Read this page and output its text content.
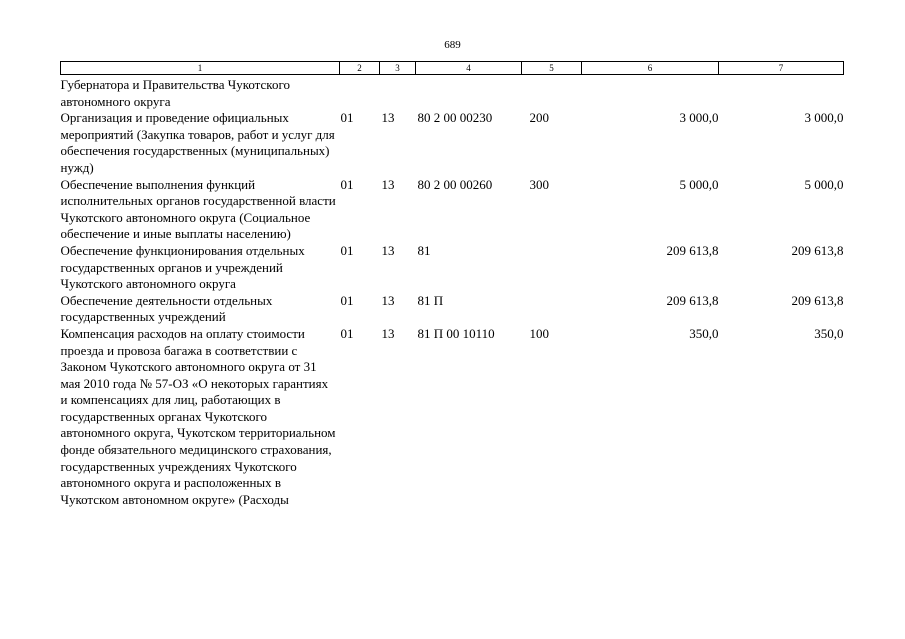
689
1	2	3	4	5	6	7
Губернатора и Правительства Чукотского автономного округа						
Организация и проведение официальных мероприятий (Закупка товаров, работ и услуг для обеспечения государственных (муниципальных) нужд)	01	13	80 2 00 00230	200	3 000,0	3 000,0
Обеспечение выполнения функций исполнительных органов государственной власти Чукотского автономного округа (Социальное обеспечение и иные выплаты населению)	01	13	80 2 00 00260	300	5 000,0	5 000,0
Обеспечение функционирования отдельных государственных органов и учреждений Чукотского автономного округа	01	13	81		209 613,8	209 613,8
Обеспечение деятельности отдельных государственных учреждений	01	13	81 П		209 613,8	209 613,8
Компенсация расходов на оплату стоимости проезда и провоза багажа в соответствии с Законом Чукотского автономного округа от 31 мая 2010 года № 57-ОЗ «О некоторых гарантиях и компенсациях для лиц, работающих в государственных органах Чукотского автономного округа, Чукотском территориальном фонде обязательного медицинского страхования, государственных учреждениях Чукотского автономного округа и расположенных в Чукотском автономном округе» (Расходы	01	13	81 П 00 10110	100	350,0	350,0
